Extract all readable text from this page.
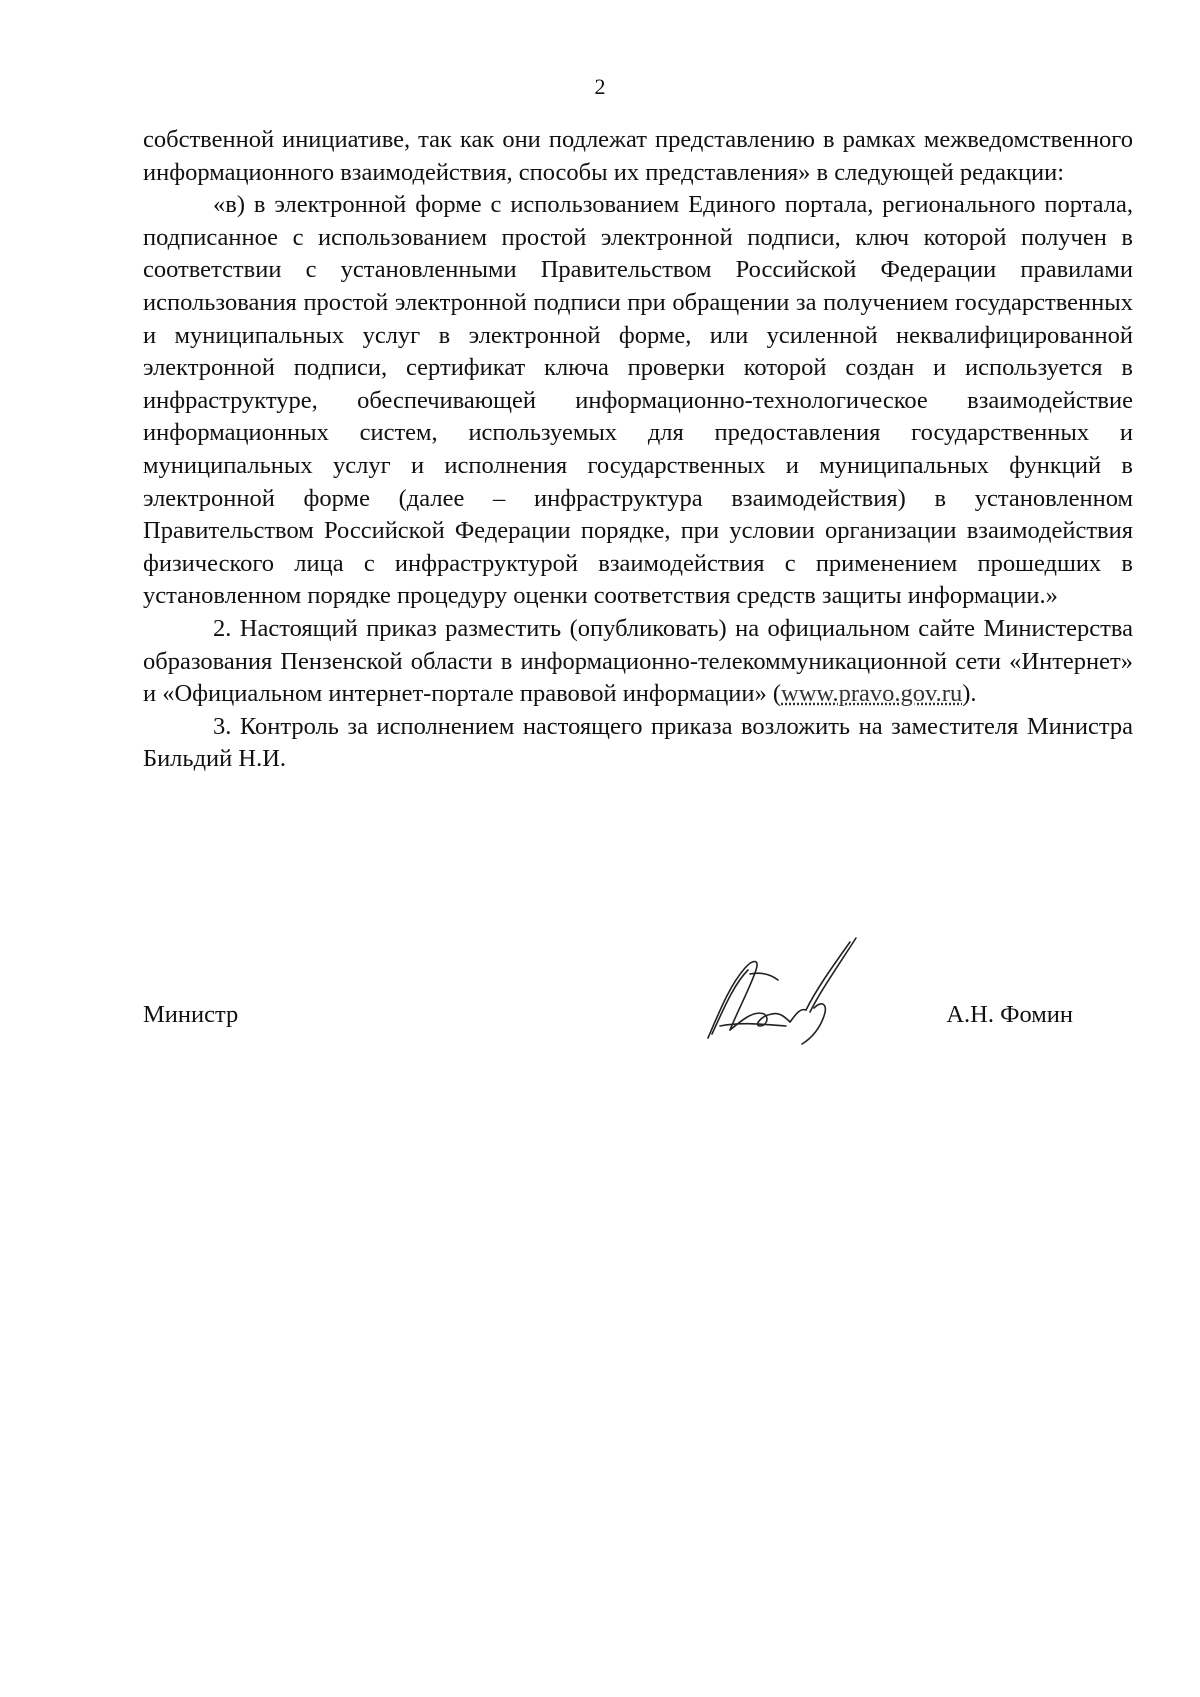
2

собственной инициативе, так как они подлежат представлению в рамках межведомственного информационного взаимодействия, способы их представления» в следующей редакции:

«в) в электронной форме с использованием Единого портала, регионального портала, подписанное с использованием простой электронной подписи, ключ которой получен в соответствии с установленными Правительством Российской Федерации правилами использования простой электронной подписи при обращении за получением государственных и муниципальных услуг в электронной форме, или усиленной неквалифицированной электронной подписи, сертификат ключа проверки которой создан и используется в инфраструктуре, обеспечивающей информационно-технологическое взаимодействие информационных систем, используемых для предоставления государственных и муниципальных услуг и исполнения государственных и муниципальных функций в электронной форме (далее – инфраструктура взаимодействия) в установленном Правительством Российской Федерации порядке, при условии организации взаимодействия физического лица с инфраструктурой взаимодействия с применением прошедших в установленном порядке процедуру оценки соответствия средств защиты информации.»

2. Настоящий приказ разместить (опубликовать) на официальном сайте Министерства образования Пензенской области в информационно-телекоммуникационной сети «Интернет» и «Официальном интернет-портале правовой информации» (www.pravo.gov.ru).

3. Контроль за исполнением настоящего приказа возложить на заместителя Министра Бильдий Н.И.

Министр	А.Н. Фомин
